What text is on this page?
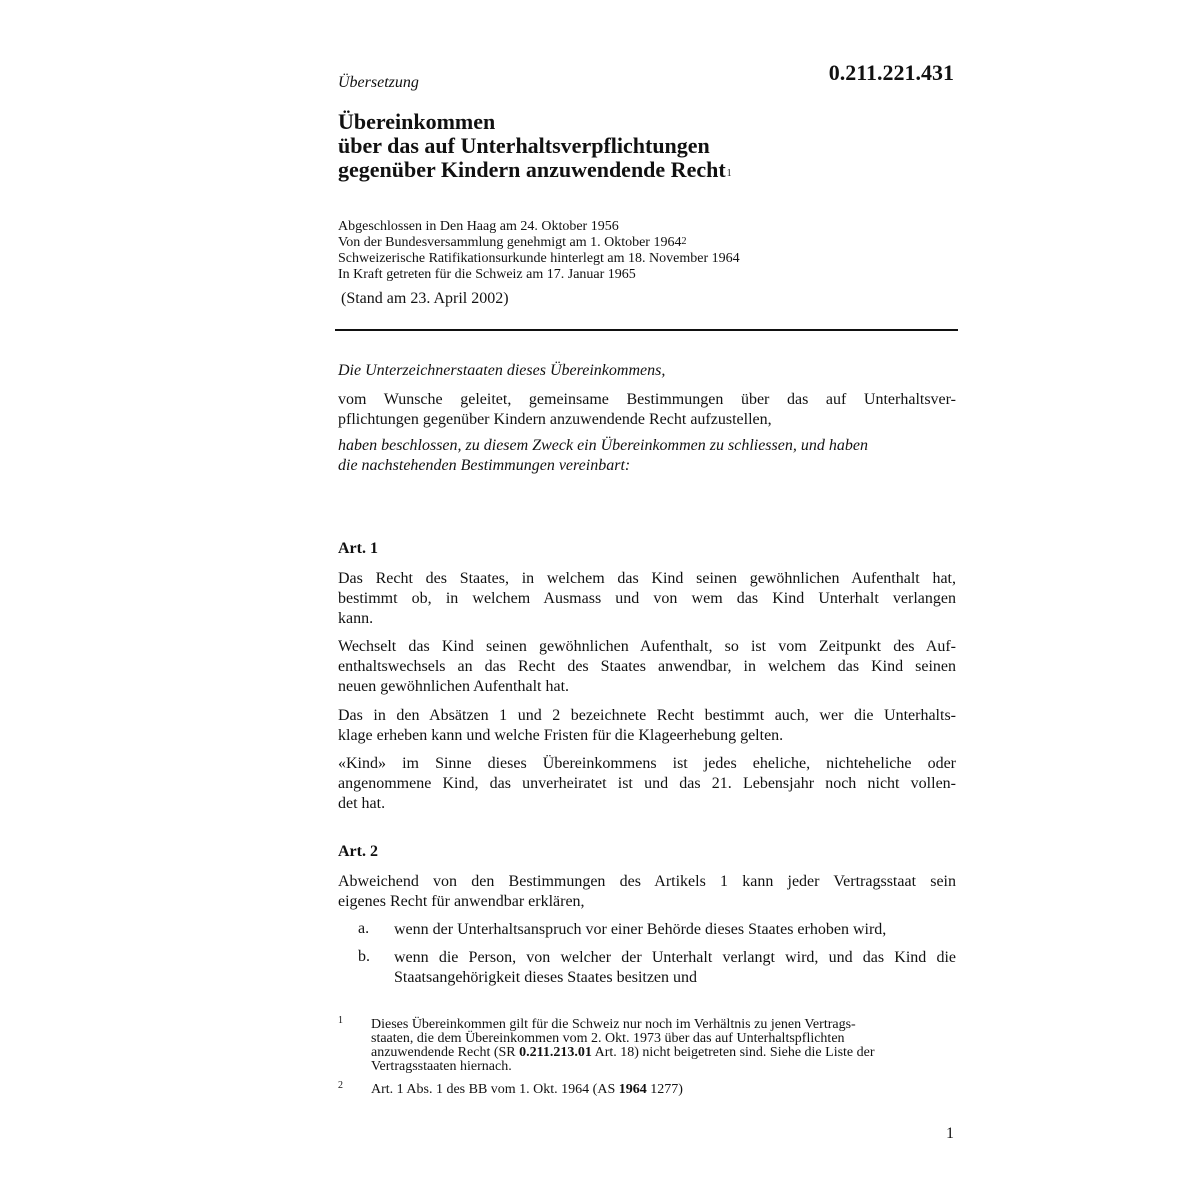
Übersetzung	0.211.221.431
Übereinkommen
über das auf Unterhaltsverpflichtungen
gegenüber Kindern anzuwendende Recht$^1$
Abgeschlossen in Den Haag am 24. Oktober 1956
Von der Bundesversammlung genehmigt am 1. Oktober 1964$^2$
Schweizerische Ratifikationsurkunde hinterlegt am 18. November 1964
In Kraft getreten für die Schweiz am 17. Januar 1965
(Stand am 23. April 2002)
Die Unterzeichnerstaaten dieses Übereinkommens,
vom Wunsche geleitet, gemeinsame Bestimmungen über das auf Unterhaltsver-
pflichtungen gegenüber Kindern anzuwendende Recht aufzustellen,
haben beschlossen, zu diesem Zweck ein Übereinkommen zu schliessen, und haben
die nachstehenden Bestimmungen vereinbart:
Art. 1
Das Recht des Staates, in welchem das Kind seinen gewöhnlichen Aufenthalt hat,
bestimmt ob, in welchem Ausmass und von wem das Kind Unterhalt verlangen
kann.
Wechselt das Kind seinen gewöhnlichen Aufenthalt, so ist vom Zeitpunkt des Auf-
enthaltswechsels an das Recht des Staates anwendbar, in welchem das Kind seinen
neuen gewöhnlichen Aufenthalt hat.
Das in den Absätzen 1 und 2 bezeichnete Recht bestimmt auch, wer die Unterhalts-
klage erheben kann und welche Fristen für die Klageerhebung gelten.
«Kind» im Sinne dieses Übereinkommens ist jedes eheliche, nichteheliche oder
angenommene Kind, das unverheiratet ist und das 21. Lebensjahr noch nicht vollen-
det hat.
Art. 2
Abweichend von den Bestimmungen des Artikels 1 kann jeder Vertragsstaat sein
eigenes Recht für anwendbar erklären,
a. wenn der Unterhaltsanspruch vor einer Behörde dieses Staates erhoben wird,
b. wenn die Person, von welcher der Unterhalt verlangt wird, und das Kind die
Staatsangehörigkeit dieses Staates besitzen und
1 Dieses Übereinkommen gilt für die Schweiz nur noch im Verhältnis zu jenen Vertrags-
staaten, die dem Übereinkommen vom 2. Okt. 1973 über das auf Unterhaltspflichten
anzuwendende Recht (SR 0.211.213.01 Art. 18) nicht beigetreten sind. Siehe die Liste der
Vertragsstaaten hiernach.
2 Art. 1 Abs. 1 des BB vom 1. Okt. 1964 (AS 1964 1277)
1
